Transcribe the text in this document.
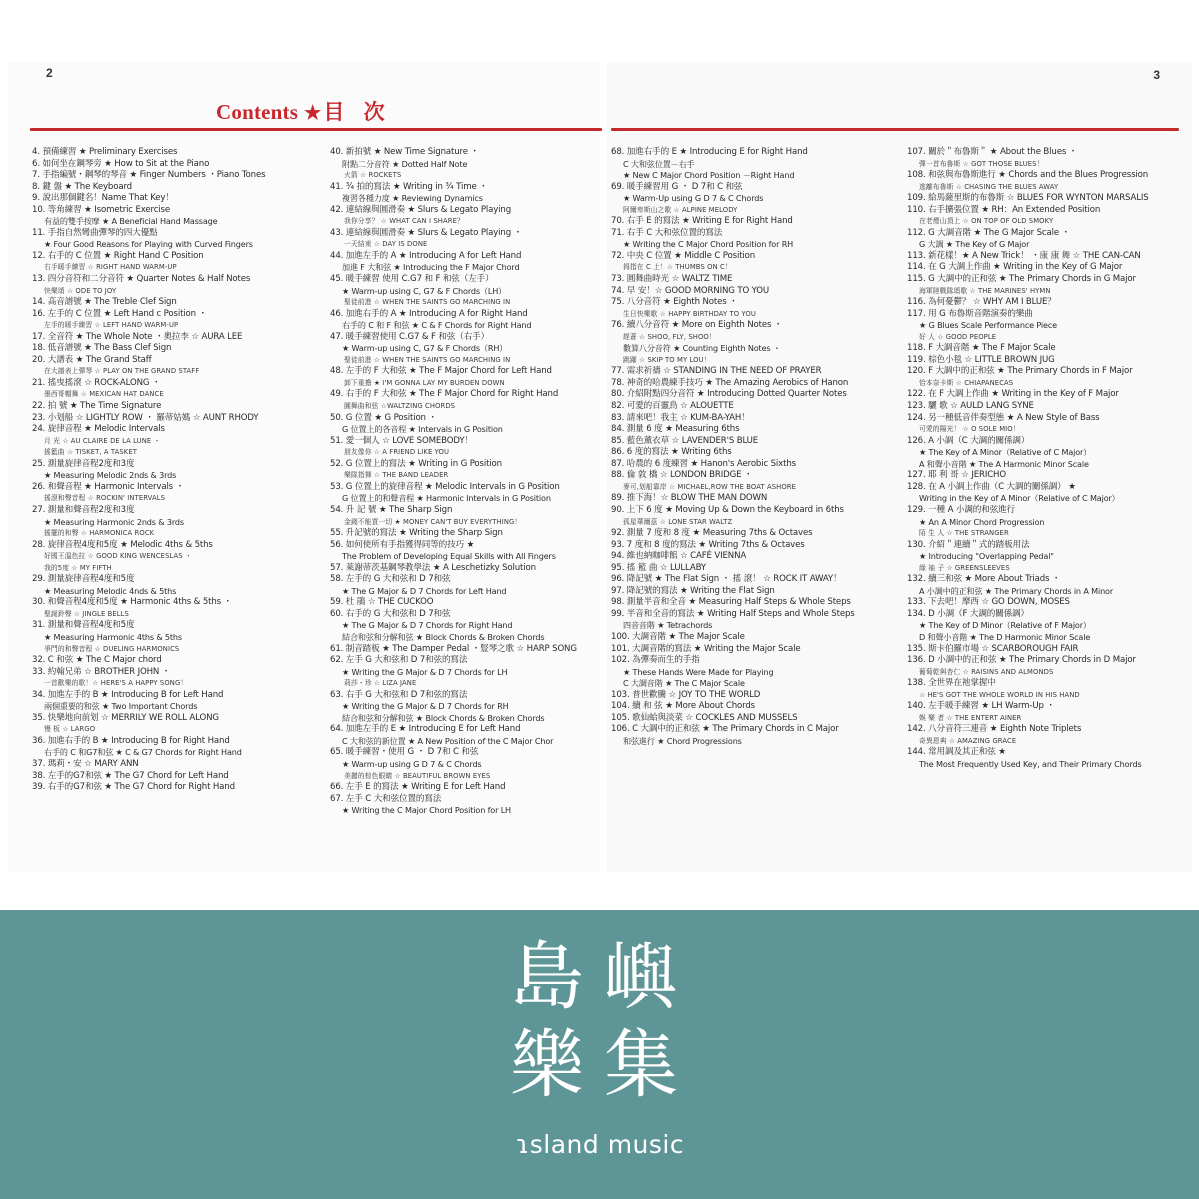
2
Contents ★目 次
4. 預備練習 ★ Preliminary Exercises
6. 如何坐在鋼琴旁 ★ How to Sit at the Piano
7. 手指編號・鋼琴的琴音 ★ Finger Numbers ・Piano Tones
8. 鍵 盤 ★ The Keyboard
9. 說出那個鍵名！Name That Key！
10. 等角練習 ★ Isometric Exercise
有益的雙手按摩 ★ A Beneficial Hand Massage
11. 手指自然彎曲彈琴的四大優點
★ Four Good Reasons for Playing with Curved Fingers
12. 右手的 C 位置 ★ Right Hand C Position
右手暖手練習 ☆ RIGHT HAND WARM-UP
13. 四分音符和二分音符 ★ Quarter Notes & Half Notes
快樂頌 ☆ ODE TO JOY
14. 高音譜號 ★ The Treble Clef Sign
16. 左手的 C 位置 ★ Left Hand c Position ・
左手的暖手練習 ☆ LEFT HAND WARM-UP
17. 全音符 ★ The Whole Note ・奧拉李 ☆ AURA LEE
18. 低音譜號 ★ The Bass Clef Sign
20. 大譜表 ★ The Grand Staff
在大譜表上彈琴 ☆ PLAY ON THE GRAND STAFF
21. 搖曳搖滾 ☆ ROCK-ALONG ・
墨西哥帽舞 ☆ MEXICAN HAT DANCE
22. 拍 號 ★ The Time Signature
23. 小划船 ☆ LIGHTLY ROW ・ 羅蒂姑媽 ☆ AUNT RHODY
24. 旋律音程 ★ Melodic Intervals
月 光 ☆ AU CLAIRE DE LA LUNE ・
搖籃曲 ☆ TISKET, A TASKET
25. 測量旋律音程2度和3度
★ Measuring Melodic 2nds & 3rds
26. 和聲音程 ★ Harmonic Intervals ・
搖滾和聲音程 ☆ ROCKIN' INTERVALS
27. 測量和聲音程2度和3度
★ Measuring Harmonic 2nds & 3rds
搖擺的和聲 ☆ HARMONICA ROCK
28. 旋律音程4度和5度 ★ Melodic 4ths & 5ths
好國王溫色拉 ☆ GOOD KING WENCESLAS ・
我的5度 ☆ MY FIFTH
29. 測量旋律音程4度和5度
★ Measuring Melodic 4nds & 5ths
30. 和聲音程4度和5度 ★ Harmonic 4ths & 5ths ・
聖誕鈴聲 ☆ JINGLE BELLS
31. 測量和聲音程4度和5度
★ Measuring Harmonic 4ths & 5ths
爭鬥的和聲音程 ☆ DUELING HARMONICS
32. C 和弦 ★ The C Major chord
33. 約翰兄弟 ☆ BROTHER JOHN ・
一首歡樂的歌！☆ HERE'S A HAPPY SONG！
34. 加進左手的 B ★ Introducing B for Left Hand
兩個重要的和弦 ★ Two Important Chords
35. 快樂地向前划 ☆ MERRILY WE ROLL ALONG
慢 板 ☆ LARGO
36. 加進右手的 B ★ Introducing B for Right Hand
右手的 C 和G7和弦 ★ C & G7 Chords for Right Hand
37. 瑪莉・安 ☆ MARY ANN
38. 左手的G7和弦 ★ The G7 Chord for Left Hand
39. 右手的G7和弦 ★ The G7 Chord for Right Hand
40. 新拍號 ★ New Time Signature ・
附點二分音符 ★ Dotted Half Note
火箭 ☆ ROCKETS
41. ¾ 拍的寫法 ★ Writing in ¾ Time ・
複習各種力度 ★ Reviewing Dynamics
42. 連結線與圓滑奏 ★ Slurs & Legato Playing
我你分享？ ☆ WHAT CAN I SHARE？
43. 連結線與圓滑奏 ★ Slurs & Legato Playing ・
一天結束 ☆ DAY IS DONE
44. 加進左手的 A ★ Introducing A for Left Hand
加進 F 大和弦 ★ Introducing the F Major Chord
45. 暖手練習 使用 C.G7 和 F 和弦（左手）
★ Warm-up using C, G7 & F Chords（LH）
聖徒前進 ☆ WHEN THE SAINTS GO MARCHING IN
46. 加進右手的 A ★ Introducing A for Right Hand
右手的 C 和 F 和弦 ★ C & F Chords for Right Hand
47. 暖手練習使用 C.G7 & F 和弦（右手）
★ Warm-up using C, G7 & F Chords（RH）
聖徒前進 ☆ WHEN THE SAINTS GO MARCHING IN
48. 左手的 F 大和弦 ★ The F Major Chord for Left Hand
卸下重擔 ★ I'M GONNA LAY MY BURDEN DOWN
49. 右手的 F 大和弦 ★ The F Major Chord for Right Hand
圓舞曲和弦 ☆WALTZING CHORDS
50. G 位置 ★ G Position ・
G 位置上的各音程 ★ Intervals in G Position
51. 愛一個人 ☆ LOVE SOMEBODY！
朋友像你 ☆ A FRIEND LIKE YOU
52. G 位置上的寫法 ★ Writing in G Position
樂隊指揮 ☆ THE BAND LEADER
53. G 位置上的旋律音程 ★ Melodic Intervals in G Position
G 位置上的和聲音程 ★ Harmonic Intervals in G Position
54. 升 記 號 ★ The Sharp Sign
金錢不能買一切 ★ MONEY CAN'T BUY EVERYTHING！
55. 升記號的寫法 ★ Writing the Sharp Sign
56. 如何使所有手指獲得同等的技巧 ★
The Problem of Developing Equal Skills with All Fingers
57. 萊謝蒂茨基鋼琴教學法 ★ A Leschetizky Solution
58. 左手的 G 大和弦和 D 7和弦
★ The G Major & D 7 Chords for Left Hand
59. 杜 鵑 ☆ THE CUCKOO
60. 右手的 G 大和弦和 D 7和弦
★ The G Major & D 7 Chords for Right Hand
結合和弦和分解和弦 ★ Block Chords & Broken Chords
61. 制音踏板 ★ The Damper Pedal ・豎琴之歌 ☆ HARP SONG
62. 左手 G 大和弦和 D 7和弦的寫法
★ Writing the G Major & D 7 Chords for LH
莉莎・珍 ☆ LIZA JANE
63. 右手 G 大和弦和 D 7和弦的寫法
★ Writing the G Major & D 7 Chords for RH
結合和弦和分解和弦 ★ Block Chords & Broken Chords
64. 加進左手的 E ★ Introducing E for Left Hand
C 大和弦的新位置 ★ A New Position of the C Major Chor
65. 暖手練習・使用 G ・ D 7和 C 和弦
★ Warm-up using G D 7 & C Chords
美麗的棕色眼睛 ☆ BEAUTIFUL BROWN EYES
66. 左手 E 的寫法 ★ Writing E for Left Hand
67. 左手 C 大和弦位置的寫法
★ Writing the C Major Chord Position for LH
3
68. 加進右手的 E ★ Introducing E for Right Hand
C 大和弦位置－右手
★ New C Major Chord Position －Right Hand
69. 暖手練習用 G ・ D 7和 C 和弦
★ Warm-Up using G D 7 & C Chords
阿爾卑斯山之歌 ☆ ALPINE MELODY
70. 右手 E 的寫法 ★ Writing E for Right Hand
71. 右手 C 大和弦位置的寫法
★ Writing the C Major Chord Position for RH
72. 中央 C 位置 ★ Middle C Position
拇指在 C 上！☆ THUMBS ON C！
73. 圓舞曲時光 ☆ WALTZ TIME
74. 早 安！☆ GOOD MORNING TO YOU
75. 八分音符 ★ Eighth Notes ・
生日快樂歌 ☆ HAPPY BIRTHDAY TO YOU
76. 續八分音符 ★ More on Eighth Notes ・
趕蒼 ☆ SHOO, FLY, SHOO！
數算八分音符 ★ Counting Eighth Notes ・
跳躍 ☆ SKIP TO MY LOU！
77. 需求祈禱 ☆ STANDING IN THE NEED OF PRAYER
78. 神奇的哈農練手技巧 ★ The Amazing Aerobics of Hanon
80. 介紹附點四分音符 ★ Introducing Dotted Quarter Notes
82. 可愛的百靈鳥 ☆ ALOUETTE
83. 請來吧！我主 ☆ KUM-BA-YAH！
84. 測量 6 度 ★ Measuring 6ths
85. 藍色薰衣草 ☆ LAVENDER'S BLUE
86. 6 度的寫法 ★ Writing 6ths
87. 哈農的 6 度練習 ★ Hanon's Aerobic Sixths
88. 倫 敦 橋 ☆ LONDON BRIDGE ・
麥可,划船靠岸 ☆ MICHAEL,ROW THE BOAT ASHORE
89. 推下海！☆ BLOW THE MAN DOWN
90. 上下 6 度 ★ Moving Up & Down the Keyboard in 6ths
孤星華爾茲 ☆ LONE STAR WALTZ
92. 測量 7 度和 8 度 ★ Measuring 7ths & Octaves
93. 7 度和 8 度的寫法 ★ Writing 7ths & Octaves
94. 維也納咖啡館 ☆ CAFÉ VIENNA
95. 搖 籃 曲 ☆ LULLABY
96. 降記號 ★ The Flat Sign ・ 搖 滾！ ☆ ROCK IT AWAY！
97. 降記號的寫法 ★ Writing the Flat Sign
98. 測量半音和全音 ★ Measuring Half Steps & Whole Steps
99. 半音和全音的寫法 ★ Writing Half Steps and Whole Steps
四音音階 ★ Tetrachords
100. 大調音階 ★ The Major Scale
101. 大調音階的寫法 ★ Writing the Major Scale
102. 為彈奏而生的手指
★ These Hands Were Made for Playing
C 大調音階 ★ The C Major Scale
103. 普世歡騰 ☆ JOY TO THE WORLD
104. 續 和 弦 ★ More About Chords
105. 歌仙蛤與淡菜 ☆ COCKLES AND MUSSELS
106. C 大調中的正和弦 ★ The Primary Chords in C Major
和弦進行 ★ Chord Progressions
107. 關於＂布魯斯＂ ★ About the Blues ・
彈一首布魯斯 ☆ GOT THOSE BLUES！
108. 和弦與布魯斯進行 ★ Chords and the Blues Progression
逃離布魯斯 ☆ CHASING THE BLUES AWAY
109. 給馬薩里斯的布魯斯 ☆ BLUES FOR WYNTON MARSALIS
110. 右手擴張位置 ★ RH：An Extended Position
在老煙山頂上 ☆ ON TOP OF OLD SMOKY
112. G 大調音階 ★ The G Major Scale ・
G 大調 ★ The Key of G Major
113. 新花樣！★ A New Trick！ ・康 康 舞 ☆ THE CAN-CAN
114. 在 G 大調上作曲 ★ Writing in the Key of G Major
115. G 大調中的正和弦 ★ The Primary Chords in G Major
海軍陸戰隊頌歌 ☆ THE MARINES' HYMN
116. 為何憂鬱？ ☆ WHY AM I BLUE？
117. 用 G 布魯斯音階演奏的樂曲
★ G Blues Scale Performance Piece
好 人 ☆ GOOD PEOPLE
118. F 大調音階 ★ The F Major Scale
119. 棕色小毯 ☆ LITTLE BROWN JUG
120. F 大調中的正和弦 ★ The Primary Chords in F Major
恰本奈卡斯 ☆ CHIAPANECAS
122. 在 F 大調上作曲 ★ Writing in the Key of F Major
123. 驪 歌 ☆ AULD LANG SYNE
124. 另一種低音伴奏型態 ★ A New Style of Bass
可愛的陽光！ ☆ O SOLE MIO！
126. A 小調（C 大調的關係調）
★ The Key of A Minor（Relative of C Major）
A 和聲小音階 ★ The A Harmonic Minor Scale
127. 耶 利 哥 ☆ JERICHO
128. 在 A 小調上作曲（C 大調的關係調） ★
Writing in the Key of A Minor（Relative of C Major）
129. 一種 A 小調的和弦進行
★ An A Minor Chord Progression
陌 生 人 ☆ THE STRANGER
130. 介紹＂連續＂式的踏板用法
★ Introducing "Overlapping Pedal"
綠 袖 子 ☆ GREENSLEEVES
132. 續三和弦 ★ More About Triads ・
A 小調中的正和弦 ★ The Primary Chords in A Minor
133. 下去吧！摩西 ☆ GO DOWN, MOSES
134. D 小調（F 大調的關係調）
★ The Key of D Minor（Relative of F Major）
D 和聲小音階 ★ The D Harmonic Minor Scale
135. 斯卡伯羅市場 ☆ SCARBOROUGH FAIR
136. D 小調中的正和弦 ★ The Primary Chords in D Major
葡萄乾與杏仁 ☆ RAISINS AND ALMONDS
138. 全世界在祂掌握中
☆ HE'S GOT THE WHOLE WORLD IN HIS HAND
140. 左手暖手練習 ★ LH Warm-Up ・
娛 樂 者 ☆ THE ENTERT AINER
142. 八分音符三連音 ★ Eighth Note Triplets
奇異恩典 ☆ AMAZING GRACE
144. 常用調及其正和弦 ★
The Most Frequently Used Key, and Their Primary Chords
島 嶼
樂 集
ɿsland music
